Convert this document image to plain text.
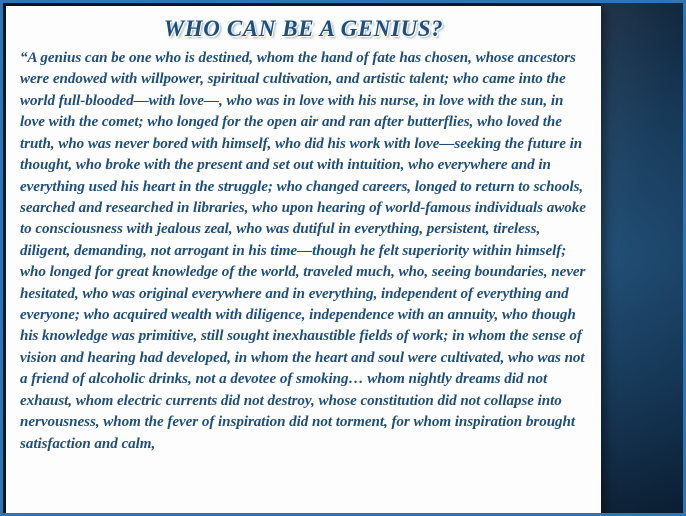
WHO CAN BE A GENIUS?

“A genius can be one who is destined, whom the hand of fate has chosen, whose ancestors were endowed with willpower, spiritual cultivation, and artistic talent; who came into the world full-blooded—with love—, who was in love with his nurse, in love with the sun, in love with the comet; who longed for the open air and ran after butterflies, who loved the truth, who was never bored with himself, who did his work with love—seeking the future in thought, who broke with the present and set out with intuition, who everywhere and in everything used his heart in the struggle; who changed careers, longed to return to schools, searched and researched in libraries, who upon hearing of world-famous individuals awoke to consciousness with jealous zeal, who was dutiful in everything, persistent, tireless, diligent, demanding, not arrogant in his time—though he felt superiority within himself; who longed for great knowledge of the world, traveled much, who, seeing boundaries, never hesitated, who was original everywhere and in everything, independent of everything and everyone; who acquired wealth with diligence, independence with an annuity, who though his knowledge was primitive, still sought inexhaustible fields of work; in whom the sense of vision and hearing had developed, in whom the heart and soul were cultivated, who was not a friend of alcoholic drinks, not a devotee of smoking… whom nightly dreams did not exhaust, whom electric currents did not destroy, whose constitution did not collapse into nervousness, whom the fever of inspiration did not torment, for whom inspiration brought satisfaction and calm,
